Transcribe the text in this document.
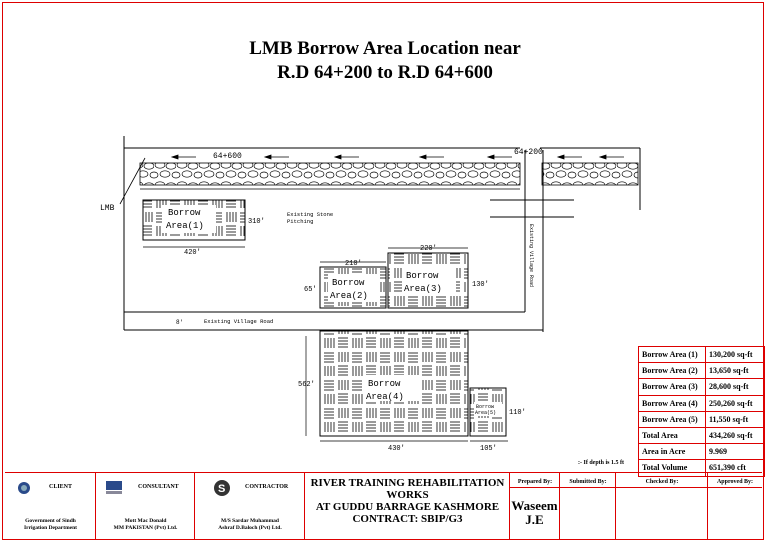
LMB Borrow Area Location near
R.D 64+200 to R.D 64+600
64+600	64+200
LMB
Existing Village Road
8'	Existing Village Road
Existing Stone
Pitching
Borrow
Area(1)	310'
420'
Borrow
Area(2)
210'
65'
Borrow
Area(3)
220'
130'
Borrow
Area(4)
562'
430'
Borrow
Area(5) 110'
105'
Borrow Area (1)	130,200 sq-ft
Borrow Area (2)	13,650 sq-ft
Borrow Area (3)	28,600 sq-ft
Borrow Area (4)	250,260 sq-ft
Borrow Area (5)	11,550 sq-ft
Total Area	434,260 sq-ft
Area in Acre	9.969
Total Volume	651,390 cft
:- If depth is 1.5 ft
CLIENT
Government of Sindh
Irrigation Department
CONSULTANT
Mott Mac Donald
MM PAKISTAN (Pvt) Ltd.
S	CONTRACTOR
M/S Sardar Muhammad
Ashraf D.Baloch (Pvt) Ltd.
RIVER TRAINING REHABILITATION
WORKS
AT GUDDU BARRAGE KASHMORE
CONTRACT: SBIP/G3
Prepared By:
Waseem
J.E
Submitted By:	Checked By:	Approved By:
